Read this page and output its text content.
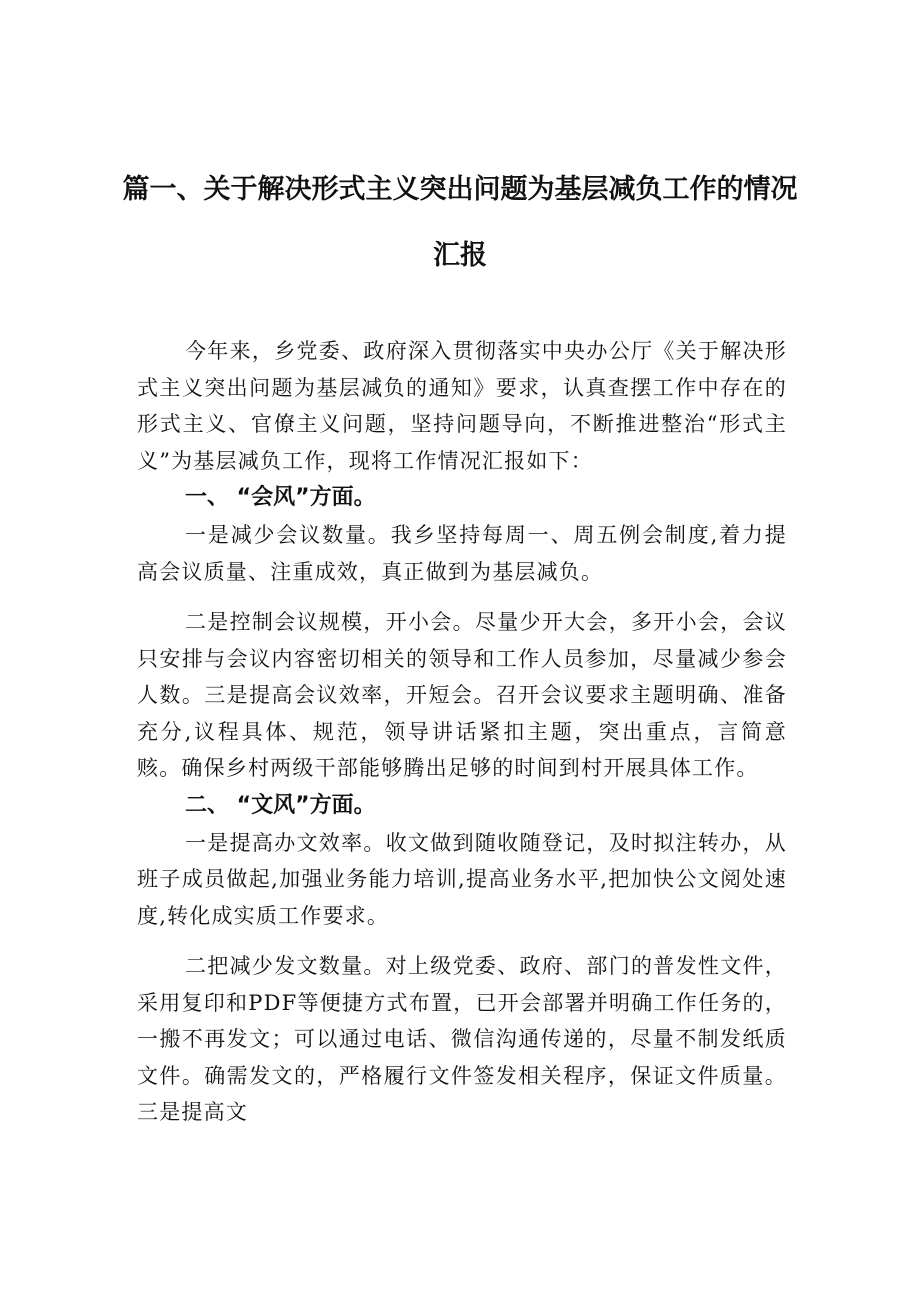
篇一、关于解决形式主义突出问题为基层减负工作的情况
汇报

今年来，乡党委、政府深入贯彻落实中央办公厅《关于解决形式主义突出问题为基层减负的通知》要求，认真查摆工作中存在的形式主义、官僚主义问题，坚持问题导向，不断推进整治“形式主义”为基层减负工作，现将工作情况汇报如下：

一、 “会风”方面。

一是减少会议数量。我乡坚持每周一、周五例会制度,着力提高会议质量、注重成效，真正做到为基层减负。

二是控制会议规模，开小会。尽量少开大会，多开小会，会议只安排与会议内容密切相关的领导和工作人员参加，尽量减少参会人数。三是提高会议效率，开短会。召开会议要求主题明确、准备充分,议程具体、规范，领导讲话紧扣主题，突出重点，言简意赅。确保乡村两级干部能够腾出足够的时间到村开展具体工作。

二、 “文风”方面。

一是提高办文效率。收文做到随收随登记，及时拟注转办，从班子成员做起,加强业务能力培训,提高业务水平,把加快公文阅处速度,转化成实质工作要求。

二把减少发文数量。对上级党委、政府、部门的普发性文件，采用复印和PDF等便捷方式布置，已开会部署并明确工作任务的，一搬不再发文；可以通过电话、微信沟通传递的，尽量不制发纸质文件。确需发文的，严格履行文件签发相关程序，保证文件质量。三是提高文
